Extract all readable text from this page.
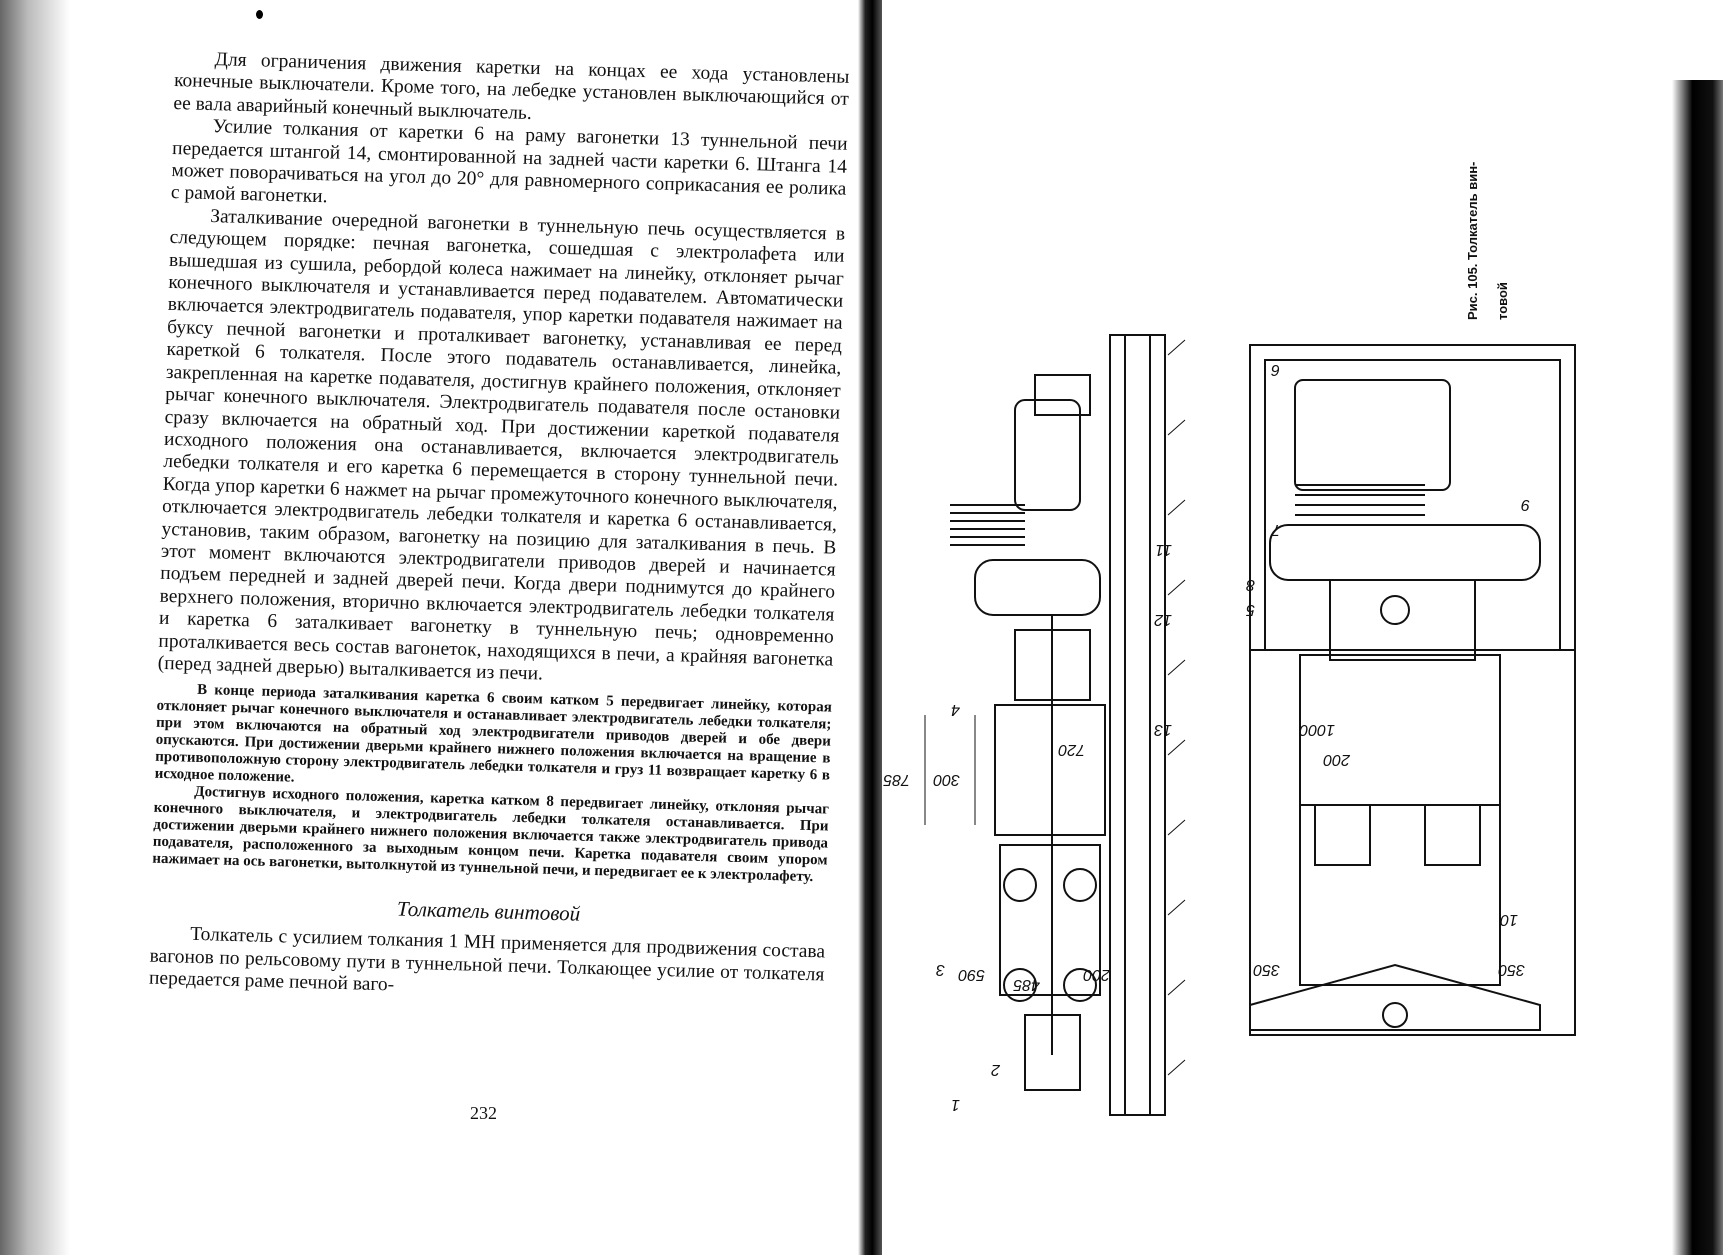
Для ограничения движения каретки на концах ее хода установлены конечные выключатели. Кроме того, на лебедке установлен выключающийся от ее вала аварийный конечный выключатель.

Усилие толкания от каретки 6 на раму вагонетки 13 туннельной печи передается штангой 14, смонтированной на задней части каретки 6. Штанга 14 может поворачиваться на угол до 20° для равномерного соприкасания ее ролика с рамой вагонетки.

Заталкивание очередной вагонетки в туннельную печь осуществляется в следующем порядке: печная вагонетка, сошедшая с электролафета или вышедшая из сушила, ребордой колеса нажимает на линейку, отклоняет рычаг конечного выключателя и устанавливается перед подавателем. Автоматически включается электродвигатель подавателя, упор каретки подавателя нажимает на буксу печной вагонетки и проталкивает вагонетку, устанавливая ее перед кареткой 6 толкателя. После этого подаватель останавливается, линейка, закрепленная на каретке подавателя, достигнув крайнего положения, отклоняет рычаг конечного выключателя. Электродвигатель подавателя после остановки сразу включается на обратный ход. При достижении кареткой подавателя исходного положения она останавливается, включается электродвигатель лебедки толкателя и его каретка 6 перемещается в сторону туннельной печи. Когда упор каретки 6 нажмет на рычаг промежуточного конечного выключателя, отключается электродвигатель лебедки толкателя и каретка 6 останавливается, установив, таким образом, вагонетку на позицию для заталкивания в печь. В этот момент включаются электродвигатели приводов дверей и начинается подъем передней и задней дверей печи. Когда двери поднимутся до крайнего верхнего положения, вторично включается электродвигатель лебедки толкателя и каретка 6 заталкивает вагонетку в туннельную печь; одновременно проталкивается весь состав вагонеток, находящихся в печи, а крайняя вагонетка (перед задней дверью) выталкивается из печи.

В конце периода заталкивания каретка 6 своим катком 5 передвигает линейку, которая отклоняет рычаг конечного выключателя и останавливает электродвигатель лебедки толкателя; при этом включаются на обратный ход электродвигатели приводов дверей и обе двери опускаются. При достижении дверьми крайнего нижнего положения включается на вращение в противоположную сторону электродвигатель лебедки толкателя и груз 11 возвращает каретку 6 в исходное положение.

Достигнув исходного положения, каретка катком 8 передвигает линейку, отклоняя рычаг конечного выключателя, и электродвигатель лебедки толкателя останавливается. При достижении дверьми крайнего нижнего положения включается также электродвигатель привода подавателя, расположенного за выходным концом печи. Каретка подавателя своим упором нажимает на ось вагонетки, вытолкнутой из туннельной печи, и передвигает ее к электролафету.

Толкатель винтовой

Толкатель с усилием толкания 1 МН применяется для продвижения состава вагонов по рельсовому пути в туннельной печи. Толкающее усилие от толкателя передается раме печной ваго-

232
Рис. 105. Толкатель вин- товой
1
2
3
4
5
6
7
8
9
10
11
12
13
785 300
720
1000
200
590
485
200	350	350
